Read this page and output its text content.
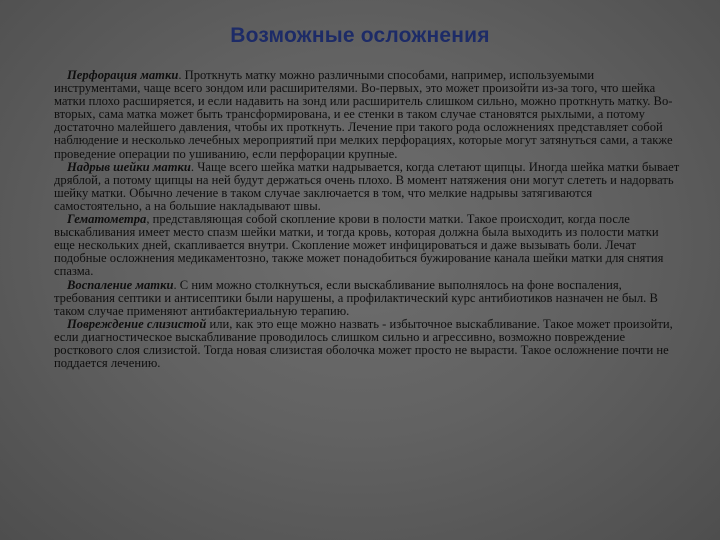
Возможные осложнения

Перфорация матки. Проткнуть матку можно различными способами, например, используемыми инструментами, чаще всего зондом или расширителями. Во-первых, это может произойти из-за того, что шейка матки плохо расширяется, и если надавить на зонд или расширитель слишком сильно, можно проткнуть матку. Во-вторых, сама матка может быть трансформирована, и ее стенки в таком случае становятся рыхлыми, а потому достаточно малейшего давления, чтобы их проткнуть. Лечение при такого рода осложнениях представляет собой наблюдение и несколько лечебных мероприятий при мелких перфорациях, которые могут затянуться сами, а также проведение операции по ушиванию, если перфорации крупные.

Надрыв шейки матки. Чаще всего шейка матки надрывается, когда слетают щипцы. Иногда шейка матки бывает дряблой, а потому щипцы на ней будут держаться очень плохо. В момент натяжения они могут слететь и надорвать шейку матки. Обычно лечение в таком случае заключается в том, что мелкие надрывы затягиваются самостоятельно, а на большие накладывают швы.

Гематометра, представляющая собой скопление крови в полости матки. Такое происходит, когда после выскабливания имеет место спазм шейки матки, и тогда кровь, которая должна была выходить из полости матки еще нескольких дней, скапливается внутри. Скопление может инфицироваться и даже вызывать боли. Лечат подобные осложнения медикаментозно, также может понадобиться бужирование канала шейки матки для снятия спазма.

Воспаление матки. С ним можно столкнуться, если выскабливание выполнялось на фоне воспаления, требования септики и антисептики были нарушены, а профилактический курс антибиотиков назначен не был. В таком случае применяют антибактериальную терапию.

Повреждение слизистой или, как это еще можно назвать - избыточное выскабливание. Такое может произойти, если диагностическое выскабливание проводилось слишком сильно и агрессивно, возможно повреждение росткового слоя слизистой. Тогда новая слизистая оболочка может просто не вырасти. Такое осложнение почти не поддается лечению.
